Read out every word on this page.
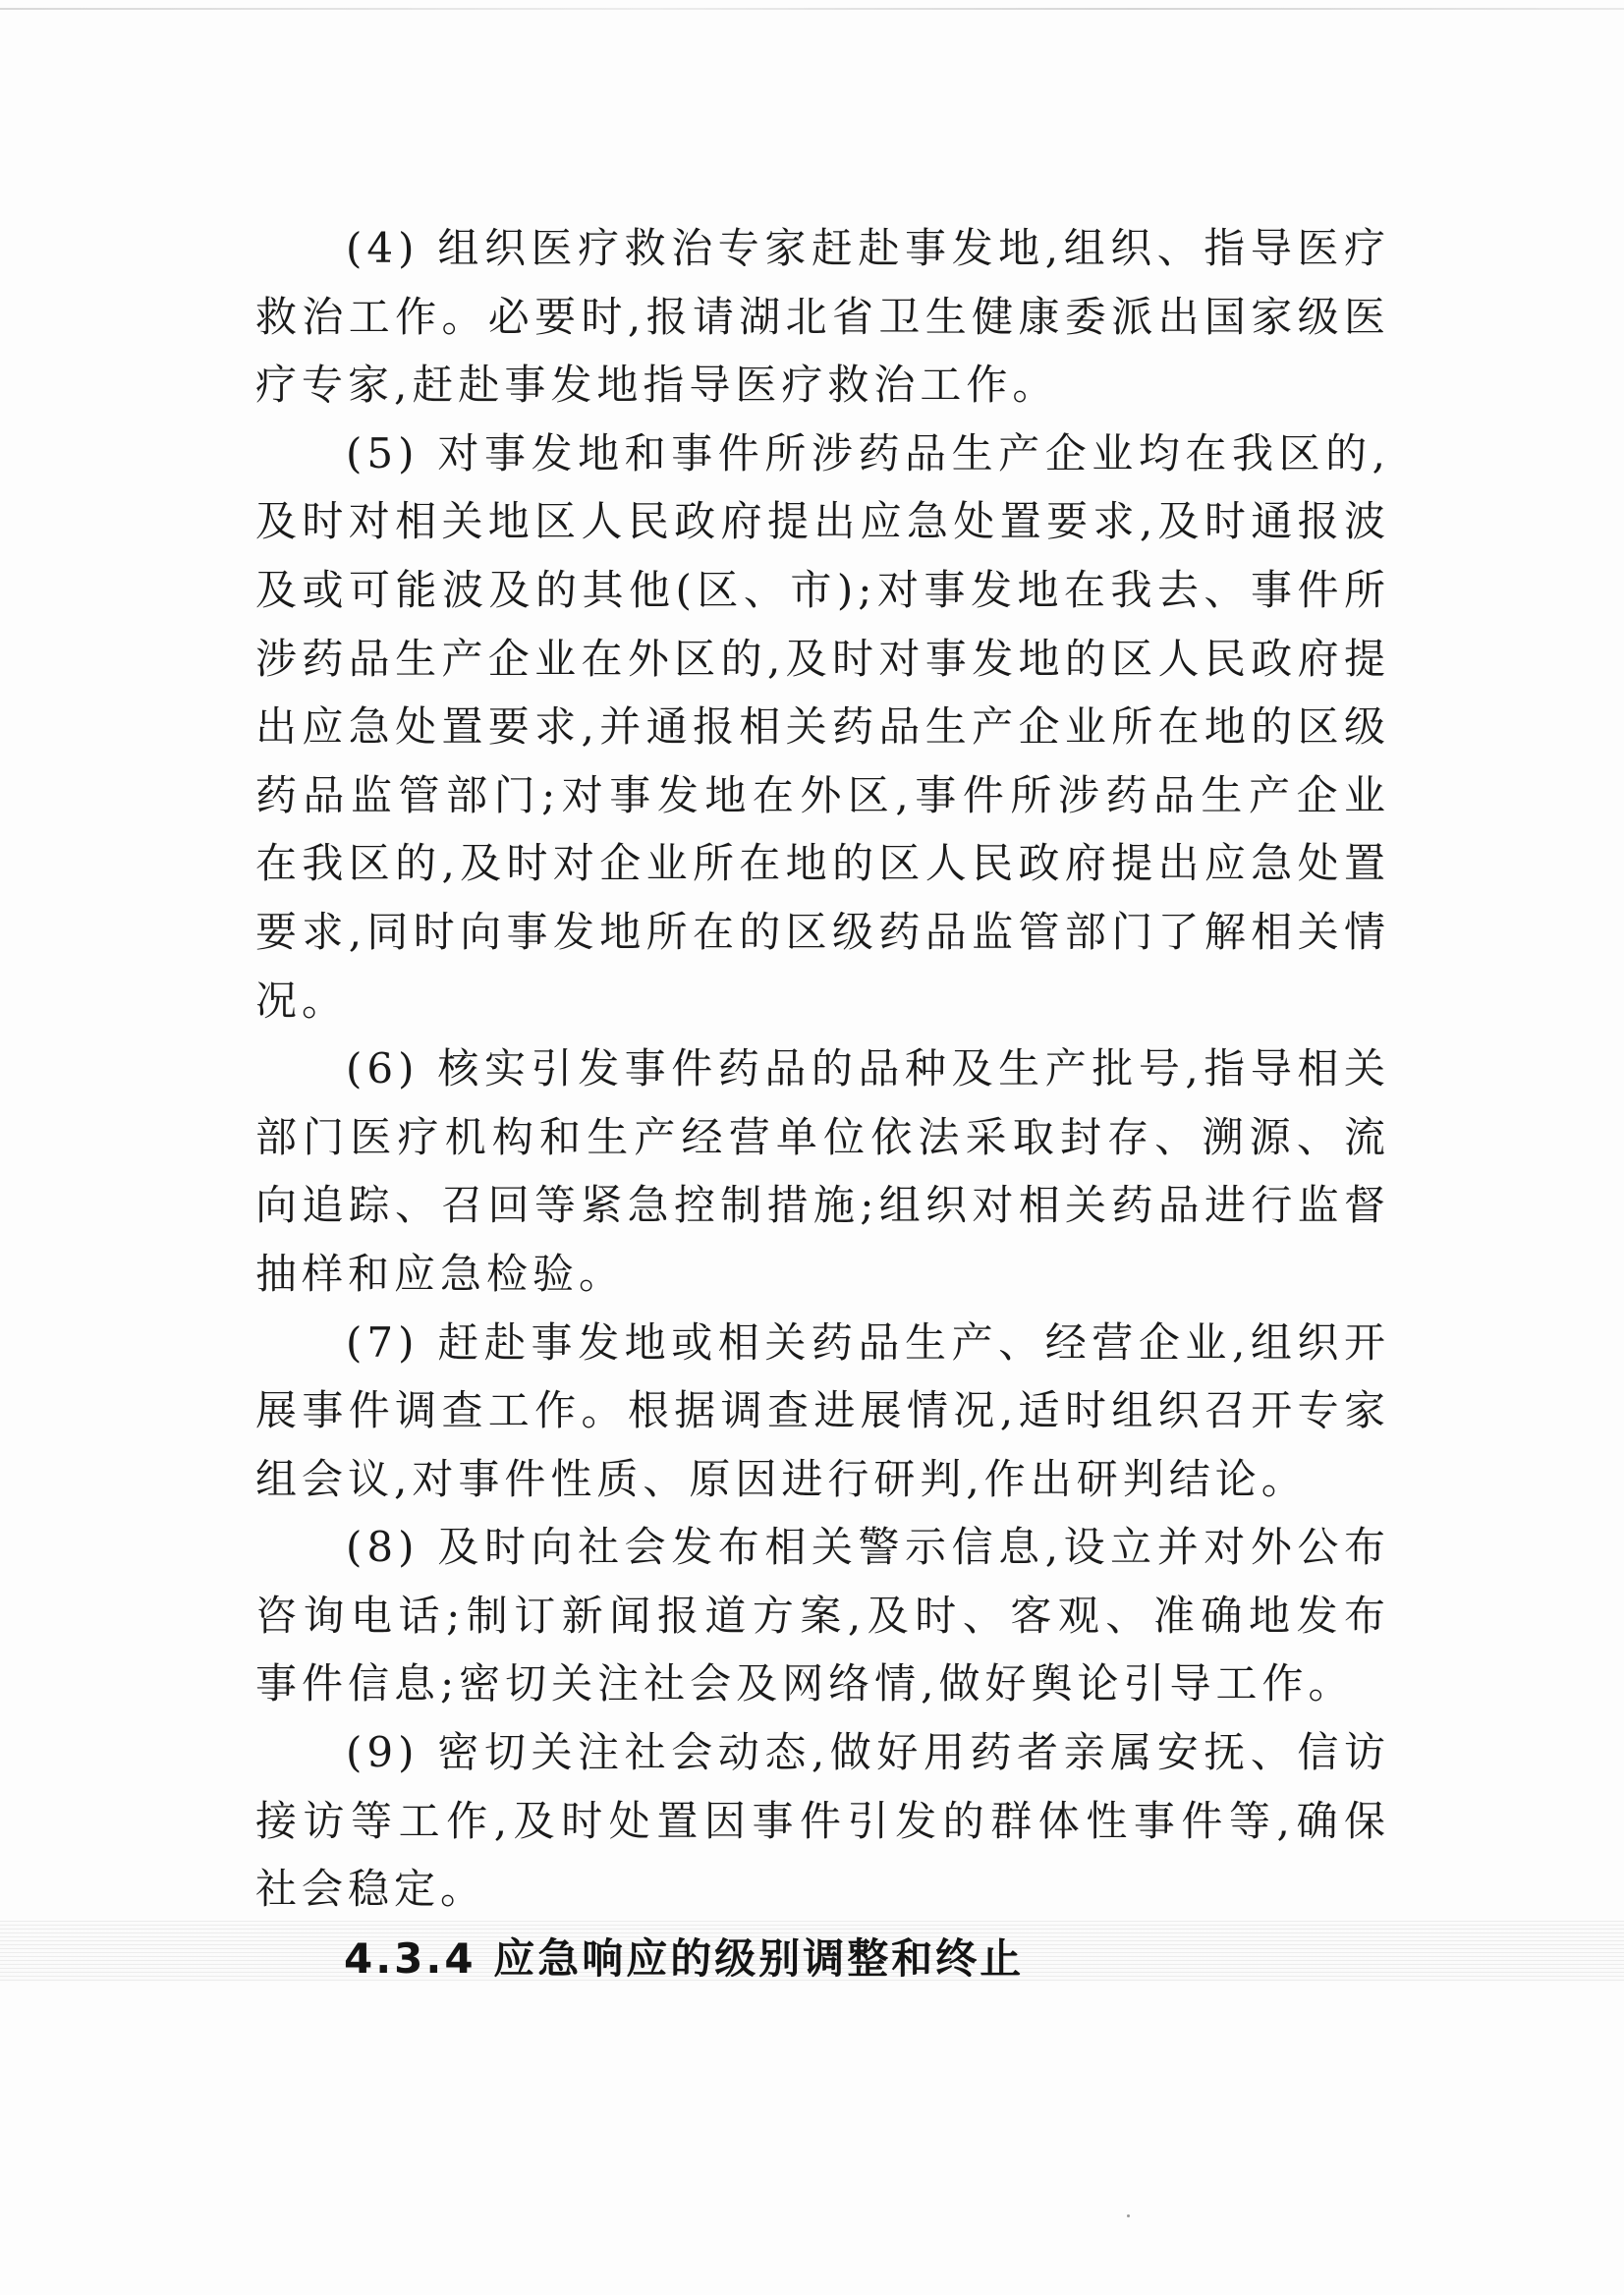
(4) 组织医疗救治专家赶赴事发地,组织、指导医疗救治工作。必要时,报请湖北省卫生健康委派出国家级医疗专家,赶赴事发地指导医疗救治工作。

(5) 对事发地和事件所涉药品生产企业均在我区的,及时对相关地区人民政府提出应急处置要求,及时通报波及或可能波及的其他(区、市);对事发地在我去、事件所涉药品生产企业在外区的,及时对事发地的区人民政府提出应急处置要求,并通报相关药品生产企业所在地的区级药品监管部门;对事发地在外区,事件所涉药品生产企业在我区的,及时对企业所在地的区人民政府提出应急处置要求,同时向事发地所在的区级药品监管部门了解相关情况。

(6) 核实引发事件药品的品种及生产批号,指导相关部门医疗机构和生产经营单位依法采取封存、溯源、流向追踪、召回等紧急控制措施;组织对相关药品进行监督抽样和应急检验。

(7) 赶赴事发地或相关药品生产、经营企业,组织开展事件调查工作。根据调查进展情况,适时组织召开专家组会议,对事件性质、原因进行研判,作出研判结论。

(8) 及时向社会发布相关警示信息,设立并对外公布咨询电话;制订新闻报道方案,及时、客观、准确地发布事件信息;密切关注社会及网络情,做好舆论引导工作。

(9) 密切关注社会动态,做好用药者亲属安抚、信访接访等工作,及时处置因事件引发的群体性事件等,确保社会稳定。

4.3.4 应急响应的级别调整和终止
